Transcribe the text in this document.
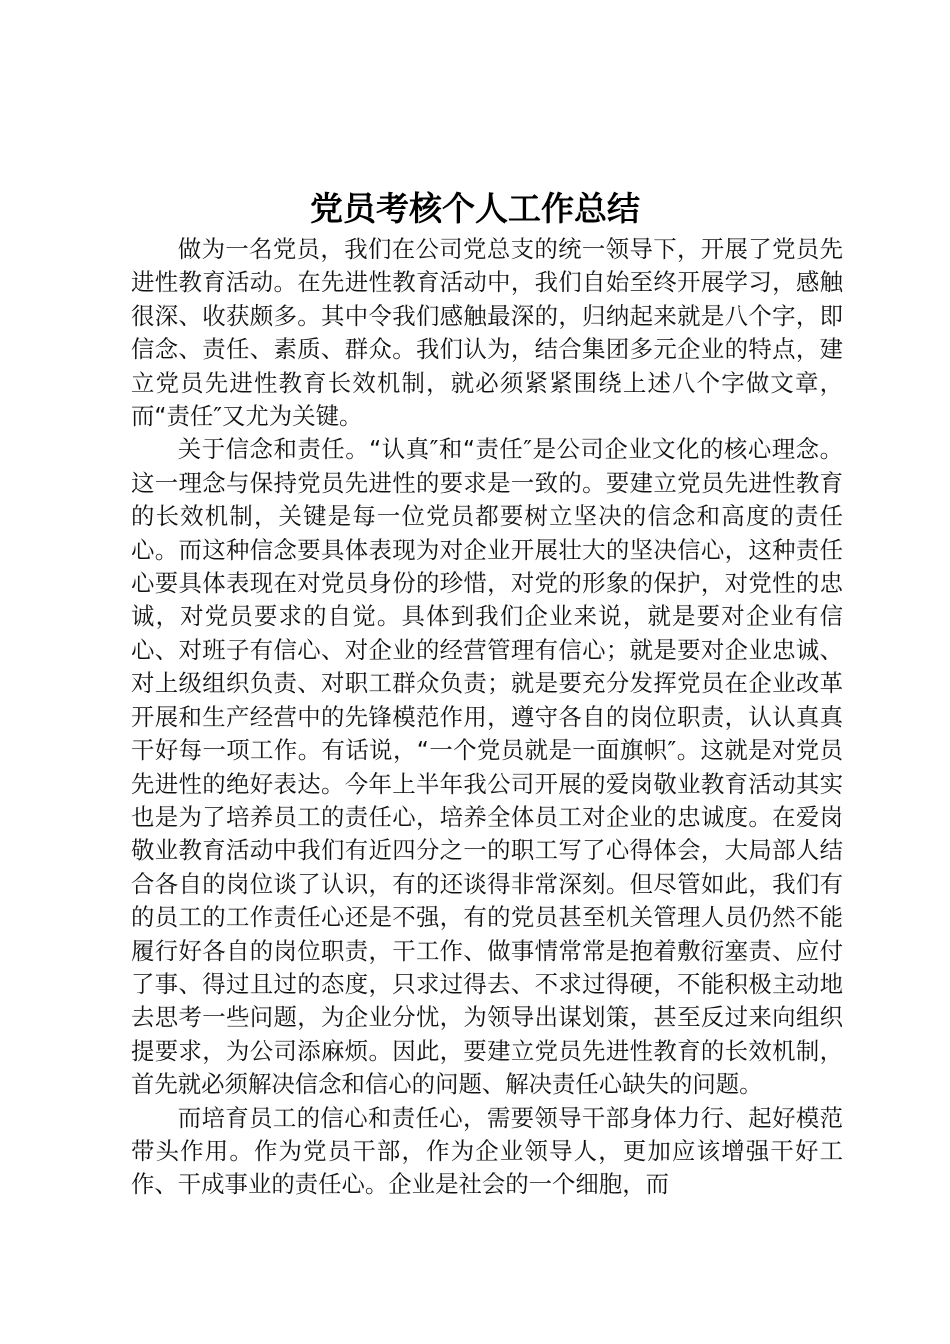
党员考核个人工作总结

做为一名党员，我们在公司党总支的统一领导下，开展了党员先进性教育活动。在先进性教育活动中，我们自始至终开展学习，感触很深、收获颇多。其中令我们感触最深的，归纳起来就是八个字，即信念、责任、素质、群众。我们认为，结合集团多元企业的特点，建立党员先进性教育长效机制，就必须紧紧围绕上述八个字做文章，而“责任″又尤为关键。

关于信念和责任。“认真″和“责任″是公司企业文化的核心理念。这一理念与保持党员先进性的要求是一致的。要建立党员先进性教育的长效机制，关键是每一位党员都要树立坚决的信念和高度的责任心。而这种信念要具体表现为对企业开展壮大的坚决信心，这种责任心要具体表现在对党员身份的珍惜，对党的形象的保护，对党性的忠诚，对党员要求的自觉。具体到我们企业来说，就是要对企业有信心、对班子有信心、对企业的经营管理有信心；就是要对企业忠诚、对上级组织负责、对职工群众负责；就是要充分发挥党员在企业改革开展和生产经营中的先锋模范作用，遵守各自的岗位职责，认认真真干好每一项工作。有话说，“一个党员就是一面旗帜″。这就是对党员先进性的绝好表达。今年上半年我公司开展的爱岗敬业教育活动其实也是为了培养员工的责任心，培养全体员工对企业的忠诚度。在爱岗敬业教育活动中我们有近四分之一的职工写了心得体会，大局部人结合各自的岗位谈了认识，有的还谈得非常深刻。但尽管如此，我们有的员工的工作责任心还是不强，有的党员甚至机关管理人员仍然不能履行好各自的岗位职责，干工作、做事情常常是抱着敷衍塞责、应付了事、得过且过的态度，只求过得去、不求过得硬，不能积极主动地去思考一些问题，为企业分忧，为领导出谋划策，甚至反过来向组织提要求，为公司添麻烦。因此，要建立党员先进性教育的长效机制，首先就必须解决信念和信心的问题、解决责任心缺失的问题。

而培育员工的信心和责任心，需要领导干部身体力行、起好模范带头作用。作为党员干部，作为企业领导人，更加应该增强干好工作、干成事业的责任心。企业是社会的一个细胞，而
